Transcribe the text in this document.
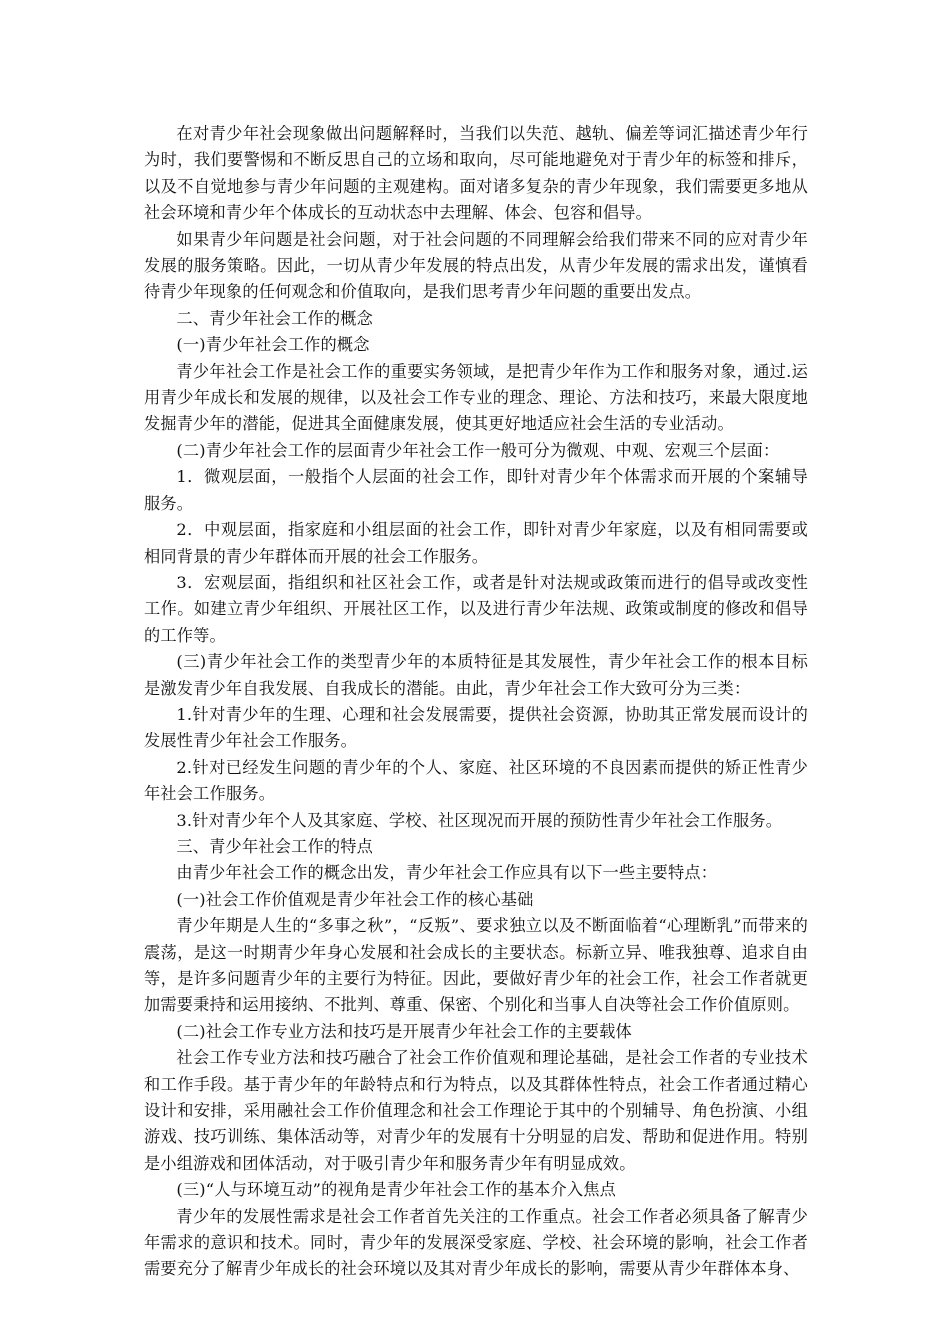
在对青少年社会现象做出问题解释时，当我们以失范、越轨、偏差等词汇描述青少年行为时，我们要警惕和不断反思自己的立场和取向，尽可能地避免对于青少年的标签和排斥，以及不自觉地参与青少年问题的主观建构。面对诸多复杂的青少年现象，我们需要更多地从社会环境和青少年个体成长的互动状态中去理解、体会、包容和倡导。

如果青少年问题是社会问题，对于社会问题的不同理解会给我们带来不同的应对青少年发展的服务策略。因此，一切从青少年发展的特点出发，从青少年发展的需求出发，谨慎看待青少年现象的任何观念和价值取向，是我们思考青少年问题的重要出发点。

二、青少年社会工作的概念

(一)青少年社会工作的概念

青少年社会工作是社会工作的重要实务领域，是把青少年作为工作和服务对象，通过.运用青少年成长和发展的规律，以及社会工作专业的理念、理论、方法和技巧，来最大限度地发掘青少年的潜能，促进其全面健康发展，使其更好地适应社会生活的专业活动。

(二)青少年社会工作的层面青少年社会工作一般可分为微观、中观、宏观三个层面：

1．微观层面，一般指个人层面的社会工作，即针对青少年个体需求而开展的个案辅导服务。

2．中观层面，指家庭和小组层面的社会工作，即针对青少年家庭，以及有相同需要或相同背景的青少年群体而开展的社会工作服务。

3．宏观层面，指组织和社区社会工作，或者是针对法规或政策而进行的倡导或改变性工作。如建立青少年组织、开展社区工作，以及进行青少年法规、政策或制度的修改和倡导的工作等。

(三)青少年社会工作的类型青少年的本质特征是其发展性，青少年社会工作的根本目标是激发青少年自我发展、自我成长的潜能。由此，青少年社会工作大致可分为三类：

1.针对青少年的生理、心理和社会发展需要，提供社会资源，协助其正常发展而设计的发展性青少年社会工作服务。

2.针对已经发生问题的青少年的个人、家庭、社区环境的不良因素而提供的矫正性青少年社会工作服务。

3.针对青少年个人及其家庭、学校、社区现况而开展的预防性青少年社会工作服务。

三、青少年社会工作的特点

由青少年社会工作的概念出发，青少年社会工作应具有以下一些主要特点：

(一)社会工作价值观是青少年社会工作的核心基础

青少年期是人生的“多事之秋”，“反叛”、要求独立以及不断面临着“心理断乳”而带来的震荡，是这一时期青少年身心发展和社会成长的主要状态。标新立异、唯我独尊、追求自由等，是许多问题青少年的主要行为特征。因此，要做好青少年的社会工作，社会工作者就更加需要秉持和运用接纳、不批判、尊重、保密、个别化和当事人自决等社会工作价值原则。

(二)社会工作专业方法和技巧是开展青少年社会工作的主要载体

社会工作专业方法和技巧融合了社会工作价值观和理论基础，是社会工作者的专业技术和工作手段。基于青少年的年龄特点和行为特点，以及其群体性特点，社会工作者通过精心设计和安排，采用融社会工作价值理念和社会工作理论于其中的个别辅导、角色扮演、小组游戏、技巧训练、集体活动等，对青少年的发展有十分明显的启发、帮助和促进作用。特别是小组游戏和团体活动，对于吸引青少年和服务青少年有明显成效。

(三)“人与环境互动”的视角是青少年社会工作的基本介入焦点

青少年的发展性需求是社会工作者首先关注的工作重点。社会工作者必须具备了解青少年需求的意识和技术。同时，青少年的发展深受家庭、学校、社会环境的影响，社会工作者需要充分了解青少年成长的社会环境以及其对青少年成长的影响，需要从青少年群体本身、
